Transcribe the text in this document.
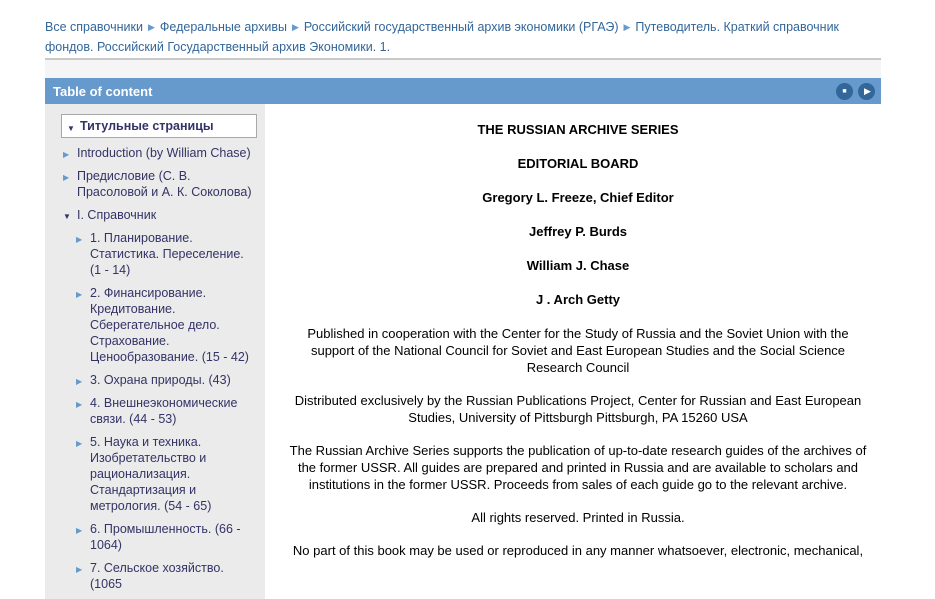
Все справочники ▶ Федеральные архивы ▶ Российский государственный архив экономики (РГАЭ) ▶ Путеводитель. Краткий справочник фондов. Российский Государственный архив Экономики. 1.
Table of content	■ ▶
▼ Титульные страницы
▶ Introduction (by William Chase)
▶ Предисловие (С. В. Прасоловой и А. К. Соколова)
▼ I. Справочник
▶ 1. Планирование. Статистика. Переселение. (1 - 14)
▶ 2. Финансирование. Кредитование. Сберегательное дело. Страхование. Ценообразование. (15 - 42)
▶ 3. Охрана природы. (43)
▶ 4. Внешнеэкономические связи. (44 - 53)
▶ 5. Наука и техника. Изобретательство и рационализация. Стандартизация и метрология. (54 - 65)
▶ 6. Промышленность. (66 - 1064)
▶ 7. Сельское хозяйство. (1065
THE RUSSIAN ARCHIVE SERIES
EDITORIAL BOARD
Gregory L. Freeze, Chief Editor
Jeffrey P. Burds
William J. Chase
J . Arch Getty
Published in cooperation with the Center for the Study of Russia and the Soviet Union with the support of the National Council for Soviet and East European Studies and the Social Science Research Council
Distributed exclusively by the Russian Publications Project, Center for Russian and East European Studies, University of Pittsburgh Pittsburgh, PA 15260 USA
The Russian Archive Series supports the publication of up-to-date research guides of the archives of the former USSR. All guides are prepared and printed in Russia and are available to scholars and institutions in the former USSR. Proceeds from sales of each guide go to the relevant archive.
All rights reserved. Printed in Russia.
No part of this book may be used or reproduced in any manner whatsoever, electronic, mechanical,
